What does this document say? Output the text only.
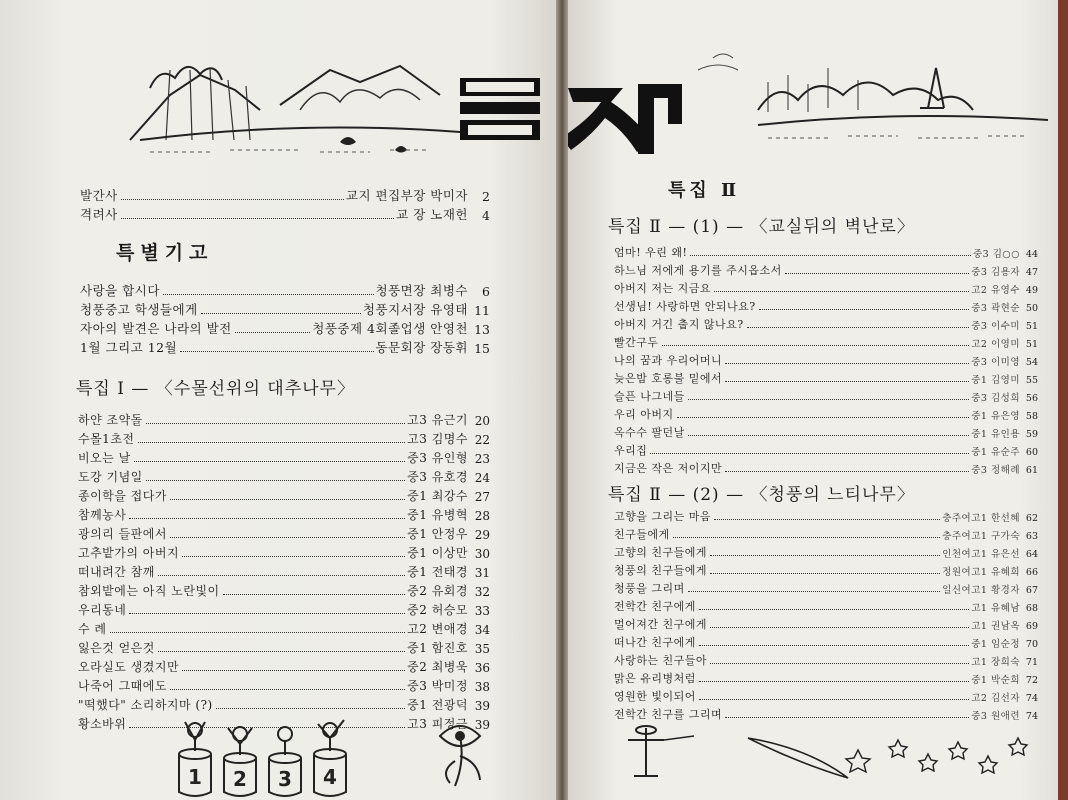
목 차
발간사	교지 편집부장 박미자	2
격려사	교 장 노재헌	4
특별기고
사랑을 합시다	청풍면장 최병수	6
청풍중고 학생들에게	청풍지서장 유영태 11
자아의 발견은 나라의 발전	청풍중제 4회졸업생 안영천 13
1월 그리고 12월	동문회장 장동휘 15
특집 Ⅰ — 〈수몰선위의 대추나무〉
하얀 조약돌	고3 유근기 20
수몰1초전	고3 김명수 22
비오는 날	중3 유인형 23
도강 기념일	중3 유호경 24
종이학을 접다가	중1 최강수 27
참께농사	중1 유병혁 28
광의리 들판에서	중1 안정우 29
고추밭가의 아버지	중1 이상만 30
떠내려간 참깨	중1 전태경 31
참외밭에는 아직 노란빛이	중2 유회경 32
우리동네	중2 허승모 33
수 례	고2 변애경 34
잃은것 얻은것	중1 함진호 35
오라실도 생겼지만	중2 최병욱 36
나죽어 그때에도	중3 박미정 38
"떡했다" 소리하지마 (?)	중1 전광덕 39
황소바위	고3 피정근 39
1 2 3 4
특집 Ⅱ
특집 Ⅱ — (1) — 〈교실뒤의 벽난로〉
엄마! 우린 왜!	중3 김○○ 44
하느님 저에게 용기를 주시옵소서	중3 김용자 47
아버지 저는 지금요	고2 유영수 49
선생님! 사랑하면 안되나요?	중3 곽현순 50
아버지 거긴 춥지 않나요?	중3 이수미 51
빨간구두	고2 이영미 51
나의 꿈과 우리어머니	중3 이미영 54
늦은밤 호롱불 밑에서	중1 김영미 55
슬픈 나그네들	중3 김성희 56
우리 아버지	중1 유은영 58
옥수수 팔던날	중1 유인용 59
우리집	중1 유순주 60
지금은 작은 저이지만	중3 정해례 61
특집 Ⅱ — (2) — 〈청풍의 느티나무〉
고향을 그리는 마음	충주여고1 한선혜 62
친구들에게	충주여고1 구가숙 63
고향의 친구들에게	인천여고1 유은선 64
청풍의 친구들에게	정원여고1 유혜희 66
청풍을 그리며	일신여고1 황경자 67
전학간 친구에게	고1 유혜남 68
멀어져간 친구에게	고1 권남옥 69
떠나간 친구에게	중1 임순정 70
사랑하는 친구들아	고1 장희숙 71
맑은 유리병처럼	중1 박순희 72
영원한 빛이되어	고2 김선자 74
전학간 친구를 그리며	중3 원애련 74
